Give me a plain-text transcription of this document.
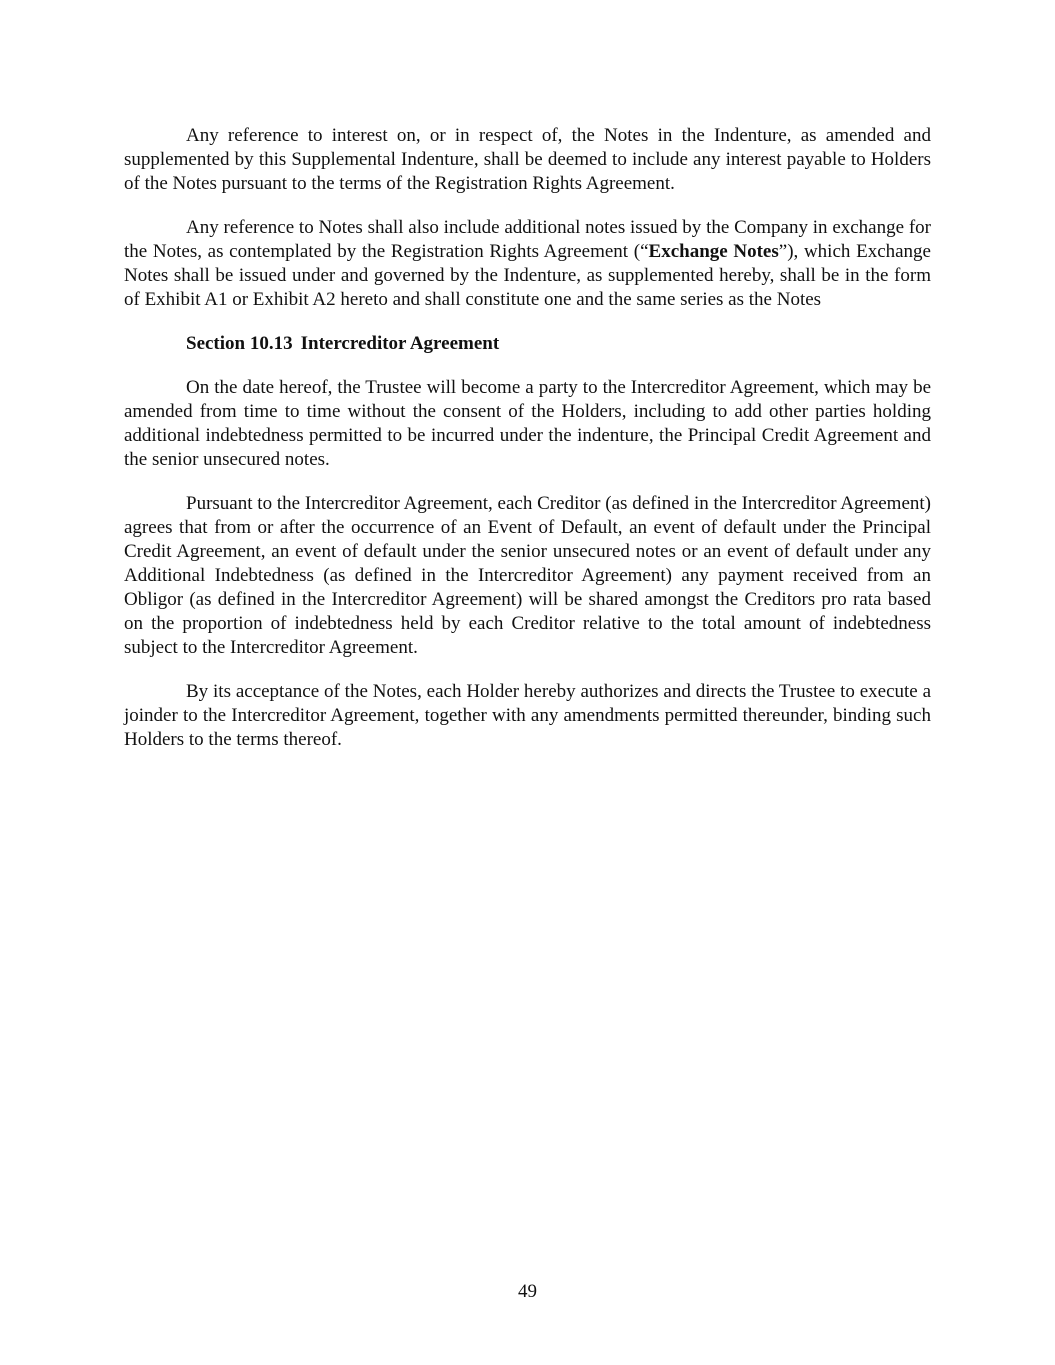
Any reference to interest on, or in respect of, the Notes in the Indenture, as amended and supplemented by this Supplemental Indenture, shall be deemed to include any interest payable to Holders of the Notes pursuant to the terms of the Registration Rights Agreement.

Any reference to Notes shall also include additional notes issued by the Company in exchange for the Notes, as contemplated by the Registration Rights Agreement (“Exchange Notes”), which Exchange Notes shall be issued under and governed by the Indenture, as supplemented hereby, shall be in the form of Exhibit A1 or Exhibit A2 hereto and shall constitute one and the same series as the Notes

Section 10.13 Intercreditor Agreement

On the date hereof, the Trustee will become a party to the Intercreditor Agreement, which may be amended from time to time without the consent of the Holders, including to add other parties holding additional indebtedness permitted to be incurred under the indenture, the Principal Credit Agreement and the senior unsecured notes.

Pursuant to the Intercreditor Agreement, each Creditor (as defined in the Intercreditor Agreement) agrees that from or after the occurrence of an Event of Default, an event of default under the Principal Credit Agreement, an event of default under the senior unsecured notes or an event of default under any Additional Indebtedness (as defined in the Intercreditor Agreement) any payment received from an Obligor (as defined in the Intercreditor Agreement) will be shared amongst the Creditors pro rata based on the proportion of indebtedness held by each Creditor relative to the total amount of indebtedness subject to the Intercreditor Agreement.

By its acceptance of the Notes, each Holder hereby authorizes and directs the Trustee to execute a joinder to the Intercreditor Agreement, together with any amendments permitted thereunder, binding such Holders to the terms thereof.

49
